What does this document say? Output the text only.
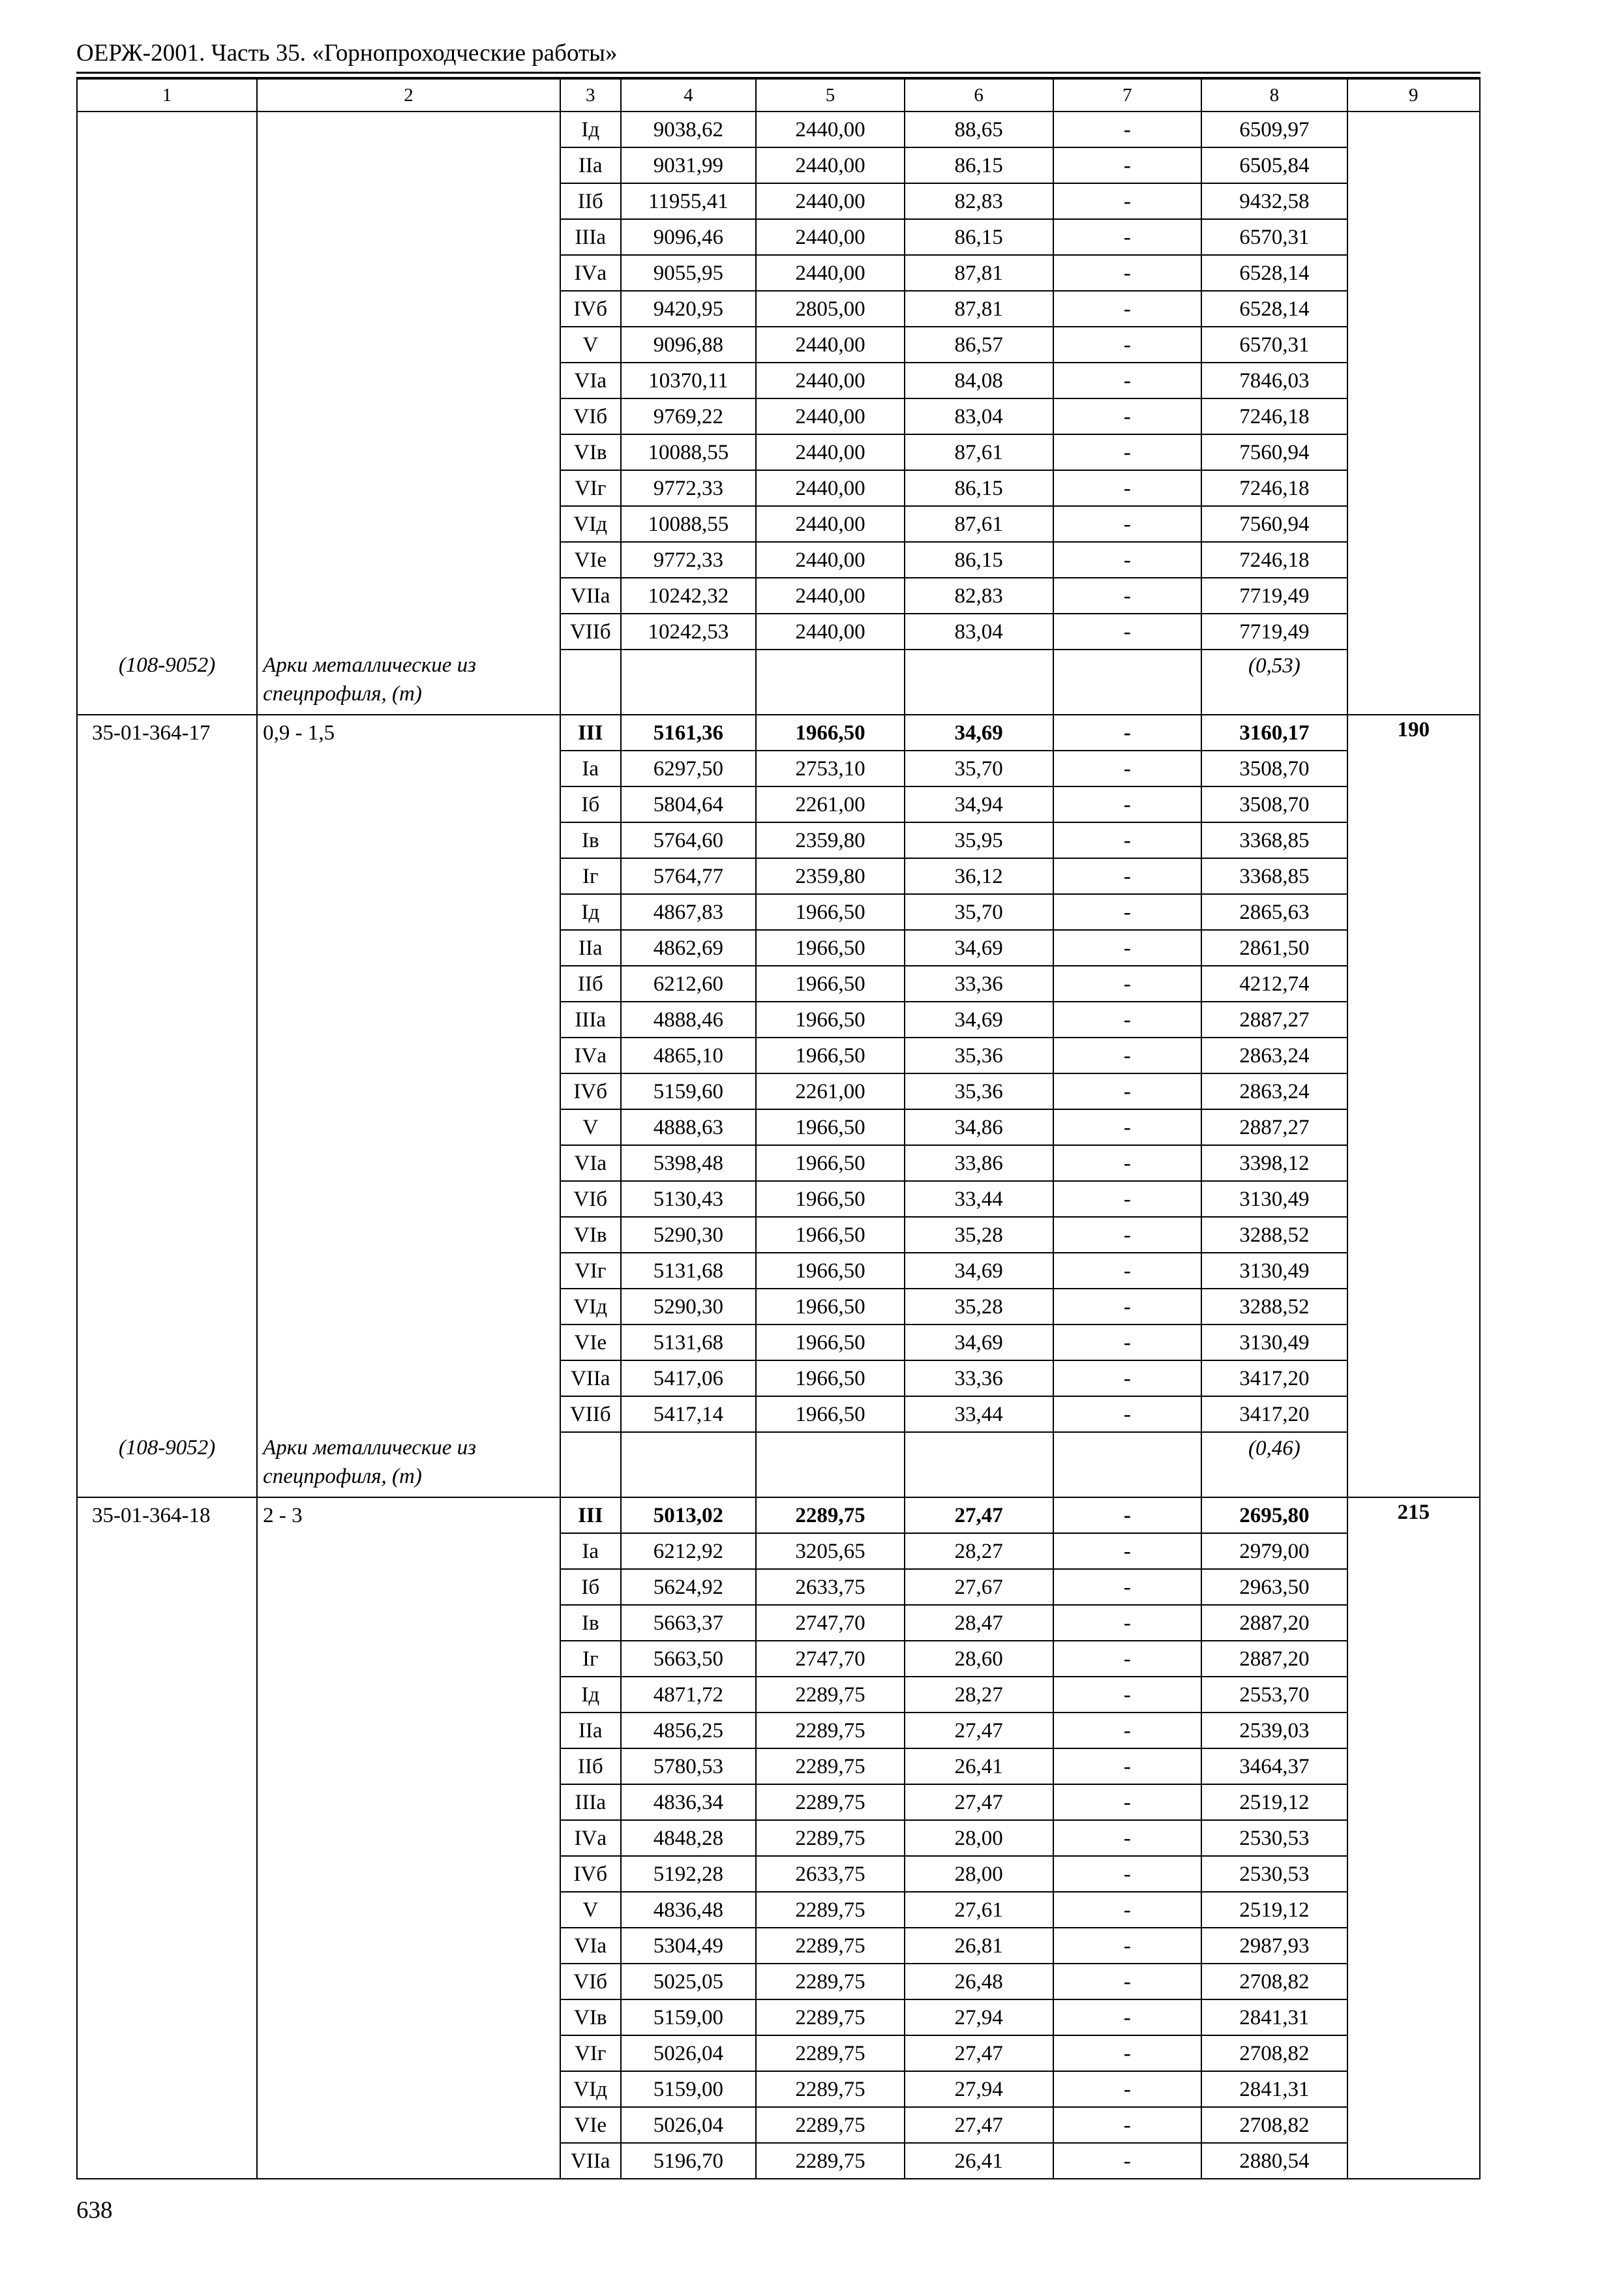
ОЕРЖ-2001. Часть 35. «Горнопроходческие работы»
1	2	3	4	5	6	7	8	9
		Iд	9038,62	2440,00	88,65	-	6509,97	
		IIа	9031,99	2440,00	86,15	-	6505,84	
		IIб	11955,41	2440,00	82,83	-	9432,58	
		IIIа	9096,46	2440,00	86,15	-	6570,31	
		IVа	9055,95	2440,00	87,81	-	6528,14	
		IVб	9420,95	2805,00	87,81	-	6528,14	
		V	9096,88	2440,00	86,57	-	6570,31	
		VIа	10370,11	2440,00	84,08	-	7846,03	
		VIб	9769,22	2440,00	83,04	-	7246,18	
		VIв	10088,55	2440,00	87,61	-	7560,94	
		VIг	9772,33	2440,00	86,15	-	7246,18	
		VIд	10088,55	2440,00	87,61	-	7560,94	
		VIе	9772,33	2440,00	86,15	-	7246,18	
		VIIа	10242,32	2440,00	82,83	-	7719,49	
		VIIб	10242,53	2440,00	83,04	-	7719,49	
(108-9052)	Арки металлические из спецпрофиля, (т)						(0,53)	
35-01-364-17	0,9 - 1,5	III	5161,36	1966,50	34,69	-	3160,17	190
		Iа	6297,50	2753,10	35,70	-	3508,70	
		Iб	5804,64	2261,00	34,94	-	3508,70	
		Iв	5764,60	2359,80	35,95	-	3368,85	
		Iг	5764,77	2359,80	36,12	-	3368,85	
		Iд	4867,83	1966,50	35,70	-	2865,63	
		IIа	4862,69	1966,50	34,69	-	2861,50	
		IIб	6212,60	1966,50	33,36	-	4212,74	
		IIIа	4888,46	1966,50	34,69	-	2887,27	
		IVа	4865,10	1966,50	35,36	-	2863,24	
		IVб	5159,60	2261,00	35,36	-	2863,24	
		V	4888,63	1966,50	34,86	-	2887,27	
		VIа	5398,48	1966,50	33,86	-	3398,12	
		VIб	5130,43	1966,50	33,44	-	3130,49	
		VIв	5290,30	1966,50	35,28	-	3288,52	
		VIг	5131,68	1966,50	34,69	-	3130,49	
		VIд	5290,30	1966,50	35,28	-	3288,52	
		VIе	5131,68	1966,50	34,69	-	3130,49	
		VIIа	5417,06	1966,50	33,36	-	3417,20	
		VIIб	5417,14	1966,50	33,44	-	3417,20	
(108-9052)	Арки металлические из спецпрофиля, (т)						(0,46)	
35-01-364-18	2 - 3	III	5013,02	2289,75	27,47	-	2695,80	215
		Iа	6212,92	3205,65	28,27	-	2979,00	
		Iб	5624,92	2633,75	27,67	-	2963,50	
		Iв	5663,37	2747,70	28,47	-	2887,20	
		Iг	5663,50	2747,70	28,60	-	2887,20	
		Iд	4871,72	2289,75	28,27	-	2553,70	
		IIа	4856,25	2289,75	27,47	-	2539,03	
		IIб	5780,53	2289,75	26,41	-	3464,37	
		IIIа	4836,34	2289,75	27,47	-	2519,12	
		IVа	4848,28	2289,75	28,00	-	2530,53	
		IVб	5192,28	2633,75	28,00	-	2530,53	
		V	4836,48	2289,75	27,61	-	2519,12	
		VIа	5304,49	2289,75	26,81	-	2987,93	
		VIб	5025,05	2289,75	26,48	-	2708,82	
		VIв	5159,00	2289,75	27,94	-	2841,31	
		VIг	5026,04	2289,75	27,47	-	2708,82	
		VIд	5159,00	2289,75	27,94	-	2841,31	
		VIе	5026,04	2289,75	27,47	-	2708,82	
		VIIа	5196,70	2289,75	26,41	-	2880,54	
638
